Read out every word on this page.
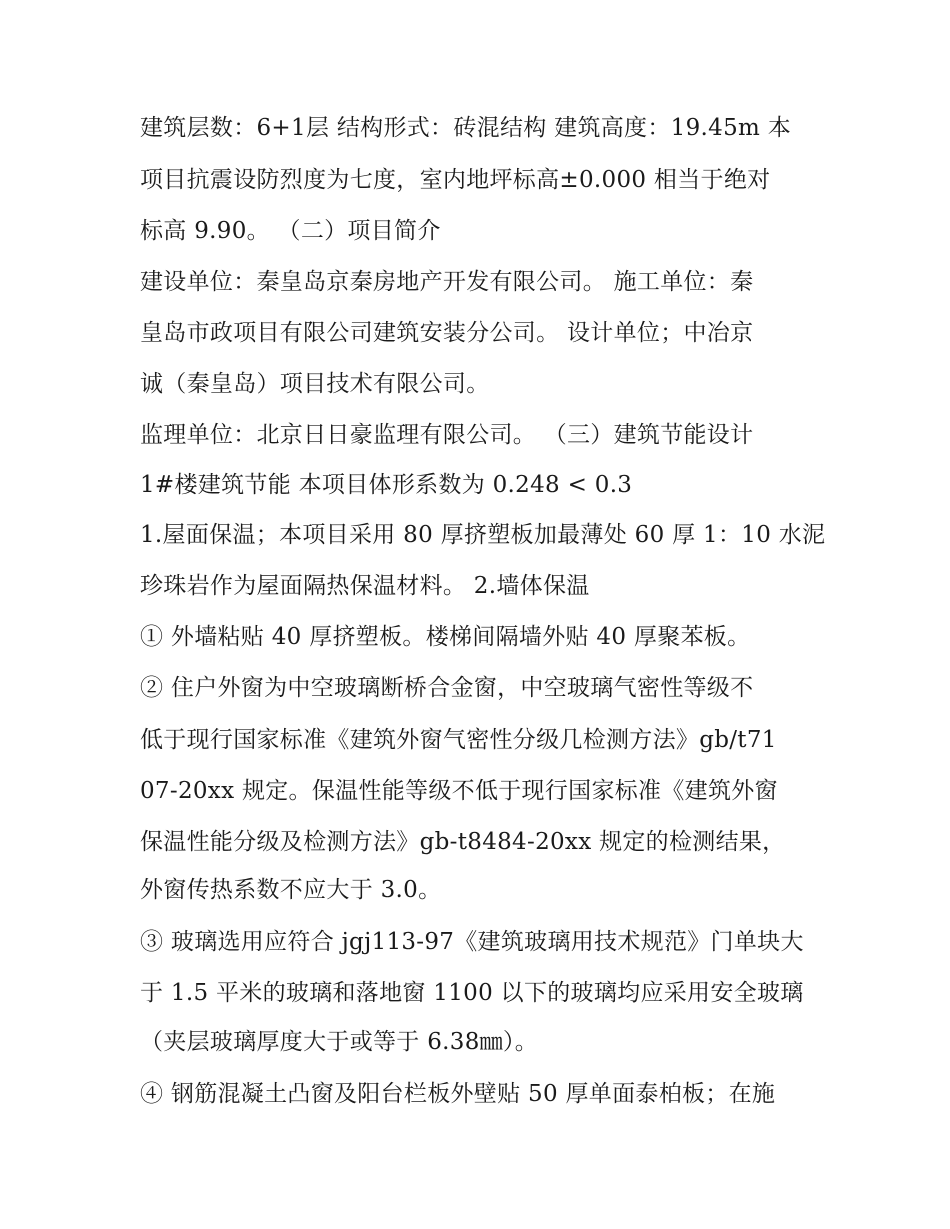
建筑层数：6+1层 结构形式：砖混结构 建筑高度：19.45m 本
项目抗震设防烈度为七度，室内地坪标高±0.000 相当于绝对
标高 9.90。 （二）项目简介
建设单位：秦皇岛京秦房地产开发有限公司。 施工单位：秦
皇岛市政项目有限公司建筑安装分公司。 设计单位；中冶京
诚（秦皇岛）项目技术有限公司。
监理单位：北京日日豪监理有限公司。 （三）建筑节能设计
1#楼建筑节能 本项目体形系数为 0.248 < 0.3
1.屋面保温；本项目采用 80 厚挤塑板加最薄处 60 厚 1：10 水泥
珍珠岩作为屋面隔热保温材料。 2.墙体保温
① 外墙粘贴 40 厚挤塑板。楼梯间隔墙外贴 40 厚聚苯板。
② 住户外窗为中空玻璃断桥合金窗，中空玻璃气密性等级不
低于现行国家标准《建筑外窗气密性分级几检测方法》gb/t71
07-20xx 规定。保温性能等级不低于现行国家标准《建筑外窗
保温性能分级及检测方法》gb-t8484-20xx 规定的检测结果，
外窗传热系数不应大于 3.0。
③ 玻璃选用应符合 jgj113-97《建筑玻璃用技术规范》门单块大
于 1.5 平米的玻璃和落地窗 1100 以下的玻璃均应采用安全玻璃
（夹层玻璃厚度大于或等于 6.38㎜）。
④ 钢筋混凝土凸窗及阳台栏板外壁贴 50 厚单面泰柏板；在施
